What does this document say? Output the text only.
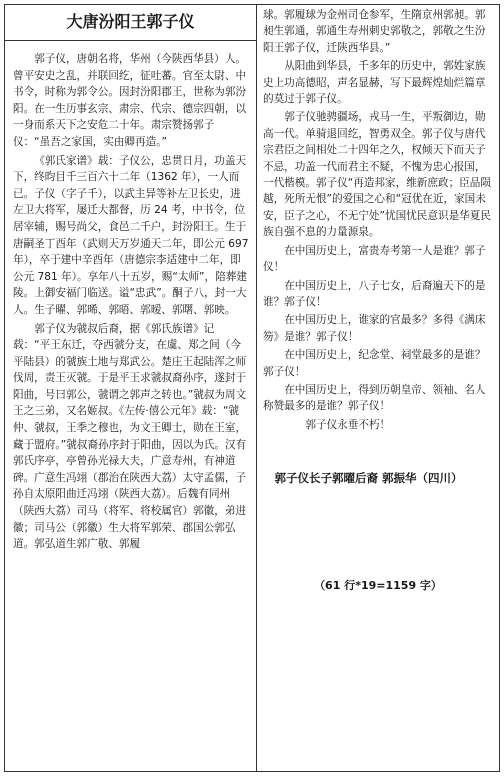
大唐汾阳王郭子仪

郭子仪，唐朝名将，华州（今陕西华县）人。曾平安史之乱，并联回纥，征吐蕃。官至太尉、中书令，时称为郭令公。因封汾阳郡王，世称为郭汾阳。在一生历事玄宗、肃宗、代宗、德宗四朝，以一身而系天下之安危二十年。肃宗赞扬郭子仪：“虽吾之家国，实由卿再造。”

《郭氏家谱》载：子仪公，忠贯日月，功盖天下，终昀目千三百六十二年（1362 年），一人而已。子仪（字子千），以武主异等补左卫长史，进左卫大将军，屡迁大都督，历 24 考，中书令，位居宰辅，赐号尚父，食邑二千户，封汾阳王。生于唐嗣圣丁酉年（武则天万岁通天二年，即公元 697 年），卒于建中辛酉年（唐德宗李适建中二年，即公元 781 年）。享年八十五岁，赐“太师”，陪葬建陵。上御安福门临送。谥“忠武”。酮子八，封一大人。生子曜、郭晞、郭晤、郭暧、郭曙、郭映。

郭子仪为虢叔后裔，据《郭氏族谱》记载：“平王东迁，夺西虢分支，在虞、郑之间（今平陆县）的虢族土地与郑武公。楚庄王起陆浑之师伐周，责王灭虢。于是平王求虢叔裔孙序，遂封于阳曲，号曰郭公，虢谓之郭声之转也。”虢叔为周文王之三弟，又名姬叔。《左传·僖公元年》载：“虢仲、虢叔，王季之穆也，为文王卿士，勋在王室，藏于盟府。”虢叔裔孙序封于阳曲，因以为氏。汉有郭氏序亭，亭曾孙光禄大夫，广意寿州，有神道碑。广意生冯翊（郡治在陕西大荔）太守孟儒，子孙自太原阳曲迁冯翊（陕西大荔）。后魏有同州（陕西大荔）司马（将军、将校属官）郭徽，弟进徽；司马公（郭徽）生大将军郭荣、郡国公郭弘道。郭弘道生郭广敬、郭履

球。郭履球为金州司仓参军，生隋京州郭昶。郭昶生郭通，郭通生寿州刺史郭敬之，郭敬之生汾阳王郭子仪，迁陕西华县。”

从阳曲到华县，千多年的历史中，郭姓家族史上功高德昭，声名显赫，写下最辉煌灿烂篇章的莫过于郭子仪。

郭子仪驰骋疆场，戎马一生，平叛御边，勋高一代。单骑退回纥，智勇双全。郭子仪与唐代宗君臣之间相处二十四年之久，权倾天下而天子不忌，功盖一代而君主不疑，不愧为忠心报国，一代楷模。郭子仪“再造邦家，维新庶政；臣品陨越，死所无恨”的爱国之心和“冠优在近，家国未安，臣子之心，不无宁处”忧国忧民意识是华夏民族自强不息的力量源泉。

在中国历史上，富贵寿考第一人是谁？郭子仪！

在中国历史上，八子七女，后裔遍天下的是谁？郭子仪！

在中国历史上，谁家的官最多？多得《满床笏》是谁？郭子仪！

在中国历史上，纪念堂、祠堂最多的是谁？郭子仪！

在中国历史上，得到历朝皇帝、领袖、名人称赞最多的是谁？郭子仪！

郭子仪永垂不朽！

郭子仪长子郭曜后裔 郭振华（四川）
（61 行*19=1159 字）
